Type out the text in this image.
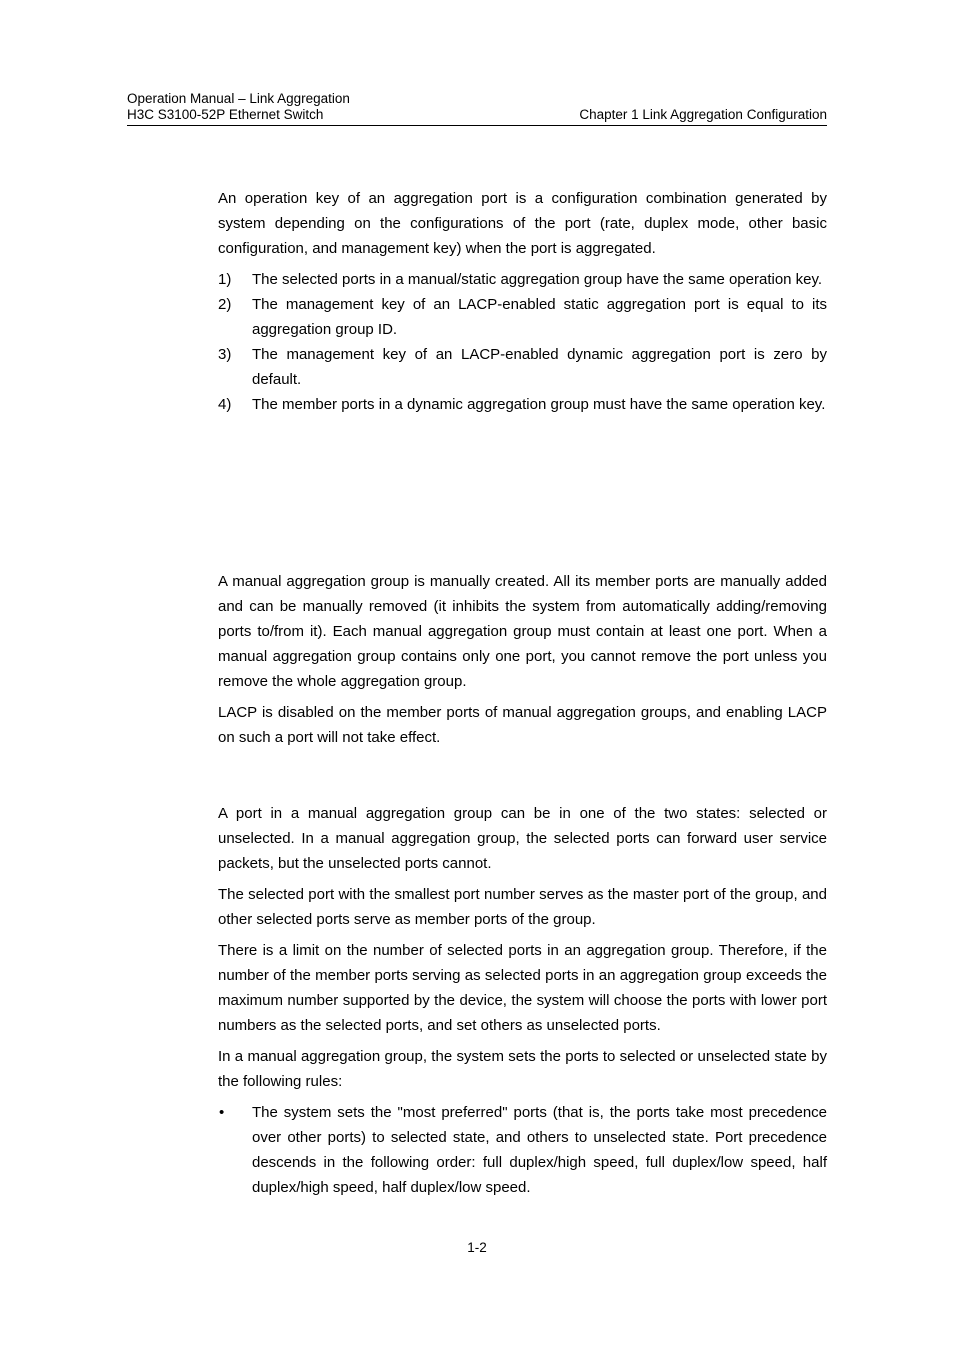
Operation Manual – Link Aggregation
H3C S3100-52P Ethernet Switch	Chapter 1 Link Aggregation Configuration

An operation key of an aggregation port is a configuration combination generated by system depending on the configurations of the port (rate, duplex mode, other basic configuration, and management key) when the port is aggregated.

1) The selected ports in a manual/static aggregation group have the same operation key.
2) The management key of an LACP-enabled static aggregation port is equal to its aggregation group ID.
3) The management key of an LACP-enabled dynamic aggregation port is zero by default.
4) The member ports in a dynamic aggregation group must have the same operation key.

A manual aggregation group is manually created. All its member ports are manually added and can be manually removed (it inhibits the system from automatically adding/removing ports to/from it). Each manual aggregation group must contain at least one port. When a manual aggregation group contains only one port, you cannot remove the port unless you remove the whole aggregation group.

LACP is disabled on the member ports of manual aggregation groups, and enabling LACP on such a port will not take effect.

A port in a manual aggregation group can be in one of the two states: selected or unselected. In a manual aggregation group, the selected ports can forward user service packets, but the unselected ports cannot.

The selected port with the smallest port number serves as the master port of the group, and other selected ports serve as member ports of the group.

There is a limit on the number of selected ports in an aggregation group. Therefore, if the number of the member ports serving as selected ports in an aggregation group exceeds the maximum number supported by the device, the system will choose the ports with lower port numbers as the selected ports, and set others as unselected ports.

In a manual aggregation group, the system sets the ports to selected or unselected state by the following rules:

• The system sets the "most preferred" ports (that is, the ports take most precedence over other ports) to selected state, and others to unselected state. Port precedence descends in the following order: full duplex/high speed, full duplex/low speed, half duplex/high speed, half duplex/low speed.
1-2
